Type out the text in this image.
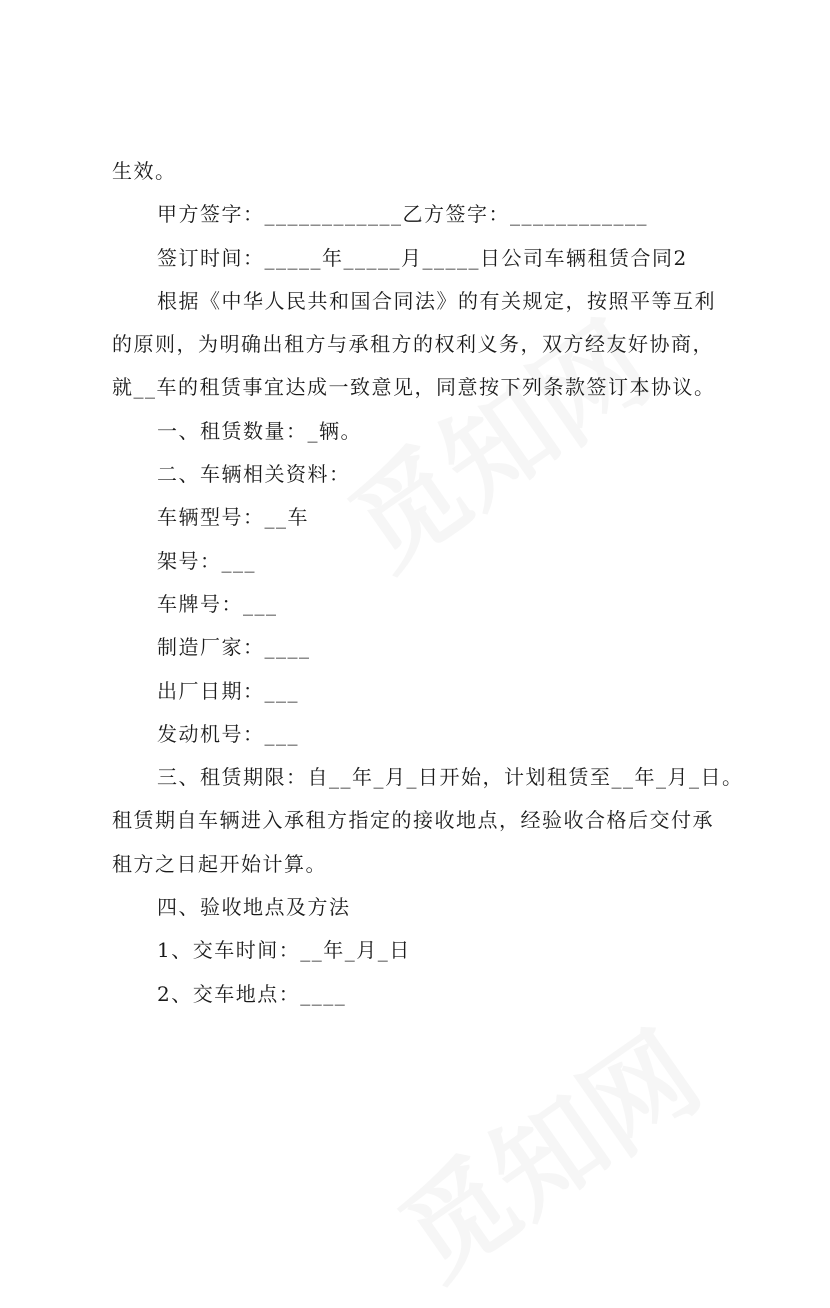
生效。
甲方签字：____________乙方签字：____________
签订时间：_____年_____月_____日公司车辆租赁合同2
根据《中华人民共和国合同法》的有关规定，按照平等互利
的原则，为明确出租方与承租方的权利义务，双方经友好协商，
就__车的租赁事宜达成一致意见，同意按下列条款签订本协议。
一、租赁数量：_辆。
二、车辆相关资料：
车辆型号：__车
架号：___
车牌号：___
制造厂家：____
出厂日期：___
发动机号：___
三、租赁期限：自__年_月_日开始，计划租赁至__年_月_日。
租赁期自车辆进入承租方指定的接收地点，经验收合格后交付承
租方之日起开始计算。
四、验收地点及方法
1、交车时间：__年_月_日
2、交车地点：____
